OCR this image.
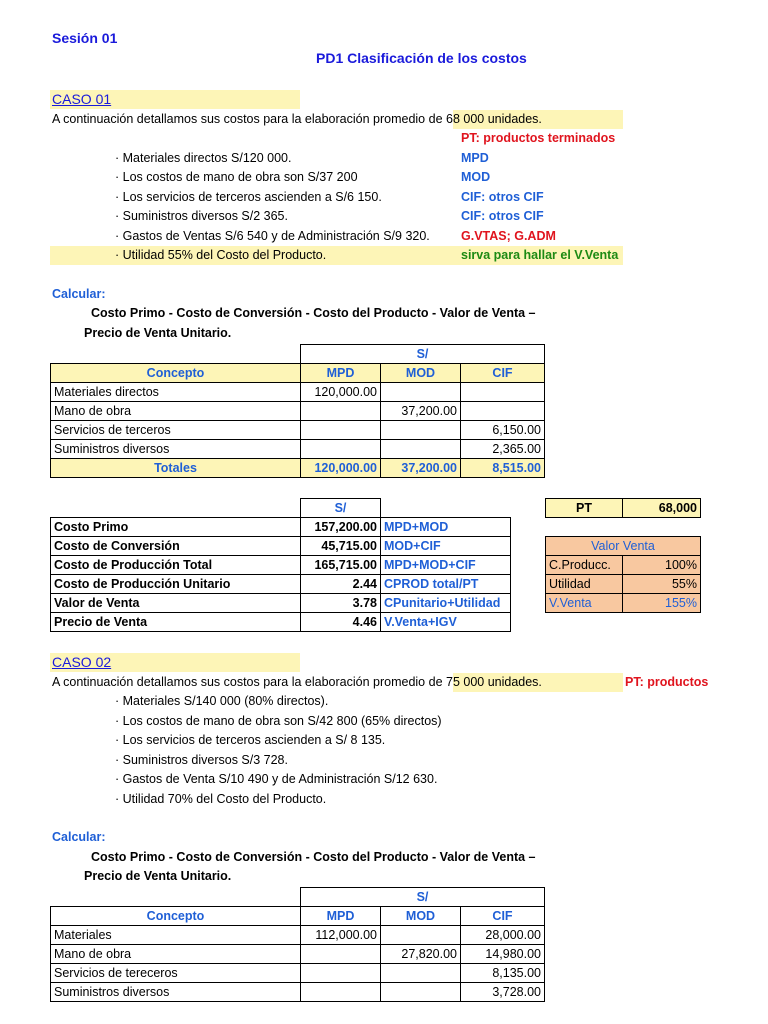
Sesión 01
PD1 Clasificación de los costos
CASO 01
A continuación detallamos sus costos para la elaboración promedio de 68 000 unidades.
PT: productos terminados
· Materiales directos S/120 000.	MPD
· Los costos de mano de obra son S/37 200	MOD
· Los servicios de terceros ascienden a S/6 150.	CIF: otros CIF
· Suministros diversos S/2 365.	CIF: otros CIF
· Gastos de Ventas S/6 540 y de Administración S/9 320. G.VTAS; G.ADM
· Utilidad 55% del Costo del Producto.	sirva para hallar el V.Venta
Calcular:
Costo Primo - Costo de Conversión - Costo del Producto - Valor de Venta –
Precio de Venta Unitario.
	S/		
Concepto	MPD	MOD	CIF
Materiales directos	120,000.00		
Mano de obra		37,200.00	
Servicios de terceros			6,150.00
Suministros diversos			2,365.00
Totales	120,000.00	37,200.00	8,515.00
	S/	
Costo Primo	157,200.00	MPD+MOD
Costo de Conversión	45,715.00	MOD+CIF
Costo de Producción Total	165,715.00	MPD+MOD+CIF
Costo de Producción Unitario	2.44	CPROD total/PT
Valor de Venta	3.78	CPunitario+Utilidad
Precio de Venta	4.46	V.Venta+IGV
PT	68,000
Valor Venta	
C.Producc.	100%
Utilidad	55%
V.Venta	155%
CASO 02
A continuación detallamos sus costos para la elaboración promedio de 75 000 unidades.	PT: productos
· Materiales S/140 000 (80% directos).
· Los costos de mano de obra son S/42 800 (65% directos)
· Los servicios de terceros ascienden a S/ 8 135.
· Suministros diversos S/3 728.
· Gastos de Venta S/10 490 y de Administración S/12 630.
· Utilidad 70% del Costo del Producto.
Calcular:
Costo Primo - Costo de Conversión - Costo del Producto - Valor de Venta –
Precio de Venta Unitario.
	S/		
Concepto	MPD	MOD	CIF
Materiales	112,000.00		28,000.00
Mano de obra		27,820.00	14,980.00
Servicios de tereceros			8,135.00
Suministros diversos			3,728.00
